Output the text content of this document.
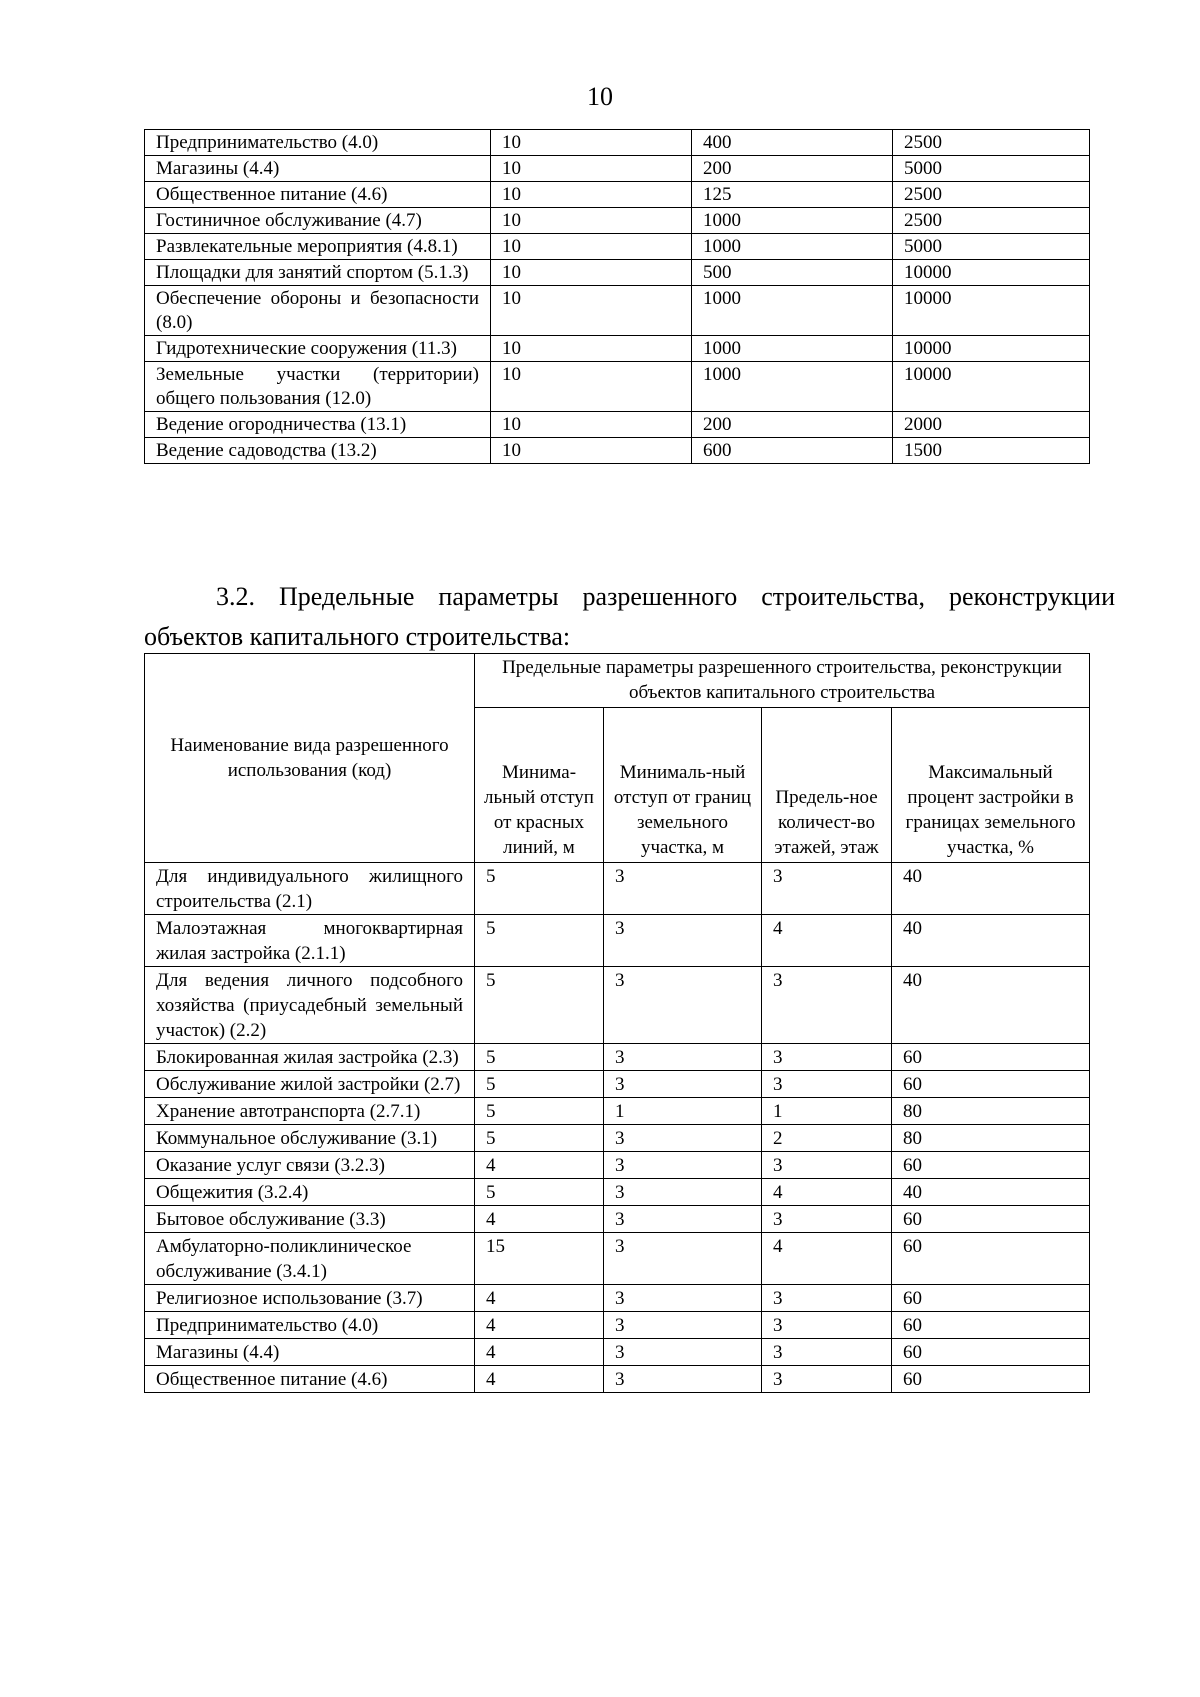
10
Предпринимательство (4.0)	10	400	2500
Магазины (4.4)	10	200	5000
Общественное питание (4.6)	10	125	2500
Гостиничное обслуживание (4.7)	10	1000	2500
Развлекательные мероприятия (4.8.1)	10	1000	5000
Площадки для занятий спортом (5.1.3)	10	500	10000
Обеспечение обороны и безопасности (8.0)	10	1000	10000
Гидротехнические сооружения (11.3)	10	1000	10000
Земельные участки (территории) общего пользования (12.0)	10	1000	10000
Ведение огородничества (13.1)	10	200	2000
Ведение садоводства (13.2)	10	600	1500

3.2. Предельные параметры разрешенного строительства, реконструкции объектов капитального строительства:

Наименование вида разрешенного использования (код)	Предельные параметры разрешенного строительства, реконструкции объектов капитального строительства			
	Минима-льный отступ от красных линий, м	Минималь-ный отступ от границ земельного участка, м	Предель-ное количест-во этажей, этаж	Максимальный процент застройки в границах земельного участка, %
Для индивидуального жилищного строительства (2.1)	5	3	3	40
Малоэтажная многоквартирная жилая застройка (2.1.1)	5	3	4	40
Для ведения личного подсобного хозяйства (приусадебный земельный участок) (2.2)	5	3	3	40
Блокированная жилая застройка (2.3)	5	3	3	60
Обслуживание жилой застройки (2.7)	5	3	3	60
Хранение автотранспорта (2.7.1)	5	1	1	80
Коммунальное обслуживание (3.1)	5	3	2	80
Оказание услуг связи (3.2.3)	4	3	3	60
Общежития (3.2.4)	5	3	4	40
Бытовое обслуживание (3.3)	4	3	3	60
Амбулаторно-поликлиническое обслуживание (3.4.1)	15	3	4	60
Религиозное использование (3.7)	4	3	3	60
Предпринимательство (4.0)	4	3	3	60
Магазины (4.4)	4	3	3	60
Общественное питание (4.6)	4	3	3	60
